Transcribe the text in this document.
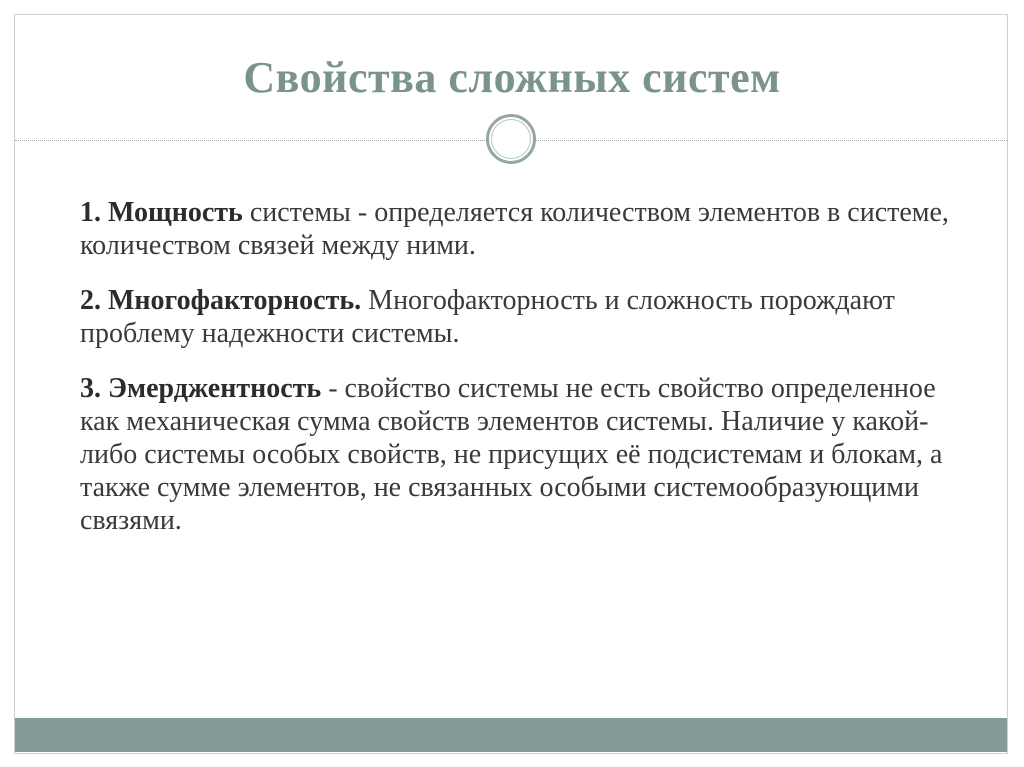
Свойства сложных систем

1. Мощность системы - определяется количеством элементов в системе, количеством связей между ними.

2. Многофакторность. Многофакторность и сложность порождают проблему надежности системы.

3. Эмерджентность - свойство системы не есть свойство определенное как механическая сумма свойств элементов системы. Наличие у какой-либо системы особых свойств, не присущих её подсистемам и блокам, а также сумме элементов, не связанных особыми системообразующими связями.
